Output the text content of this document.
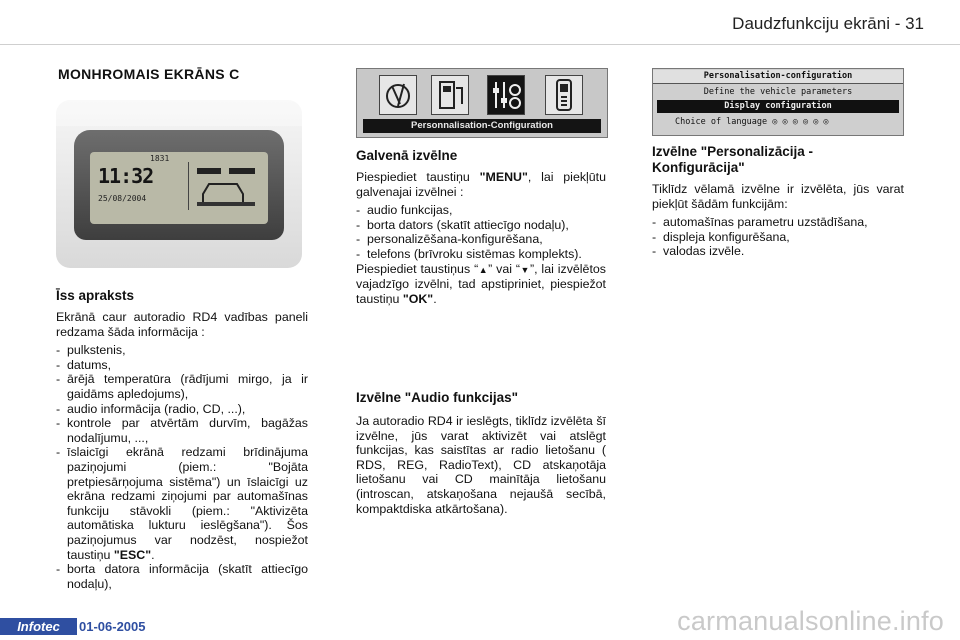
Daudzfunkciju ekrāni - 31
MONHROMAIS EKRĀNS C
1831
11:32
25/08/2004
Īss apraksts

Ekrānā caur autoradio RD4 vadības paneli redzama šāda informācija :

- pulkstenis,
- datums,
- ārējā temperatūra (rādījumi mirgo, ja ir gaidāms apledojums),
- audio informācija (radio, CD, ...),
- kontrole par atvērtām durvīm, bagāžas nodalījumu, ...,
- īslaicīgi ekrānā redzami brīdinājuma paziņojumi (piem.: "Bojāta pretpiesārņojuma sistēma") un īslaicīgi uz ekrāna redzami ziņojumi par automašīnas funkciju stāvokli (piem.: "Aktivizēta automātiska lukturu ieslēgšana"). Šos paziņojumus var nodzēst, nospiežot taustiņu "ESC".
- borta datora informācija (skatīt attiecīgo nodaļu),
Personnalisation-Configuration
Galvenā izvēlne

Piespiediet taustiņu "MENU", lai piekļūtu galvenajai izvēlnei :

- audio funkcijas,
- borta dators (skatīt attiecīgo nodaļu),
- personalizēšana-konfigurēšana,
- telefons (brīvroku sistēmas komplekts).

Piespiediet taustiņus “▲” vai “▼”, lai izvēlētos vajadzīgo izvēlni, tad apstipriniet, piespiežot taustiņu "OK".

Izvēlne "Audio funkcijas"

Ja autoradio RD4 ir ieslēgts, tiklīdz izvēlēta šī izvēlne, jūs varat aktivizēt vai atslēgt funkcijas, kas saistītas ar radio lietošanu ( RDS, REG, RadioText), CD atskaņotāja lietošanu vai CD mainītāja lietošanu (introscan, atskaņošana nejaušā secībā, kompaktdiska atkārtošana).

Personalisation-configuration
Define the vehicle parameters
Display configuration
Choice of language ◎ ◎ ◎ ◎ ◎ ◎
Izvēlne "Personalizācija - Konfigurācija"

Tiklīdz vēlamā izvēlne ir izvēlēta, jūs varat piekļūt šādām funkcijām:

- automašīnas parametru uzstādīšana,
- displeja konfigurēšana,
- valodas izvēle.
Infotec	01-06-2005	carmanualsonline.info
